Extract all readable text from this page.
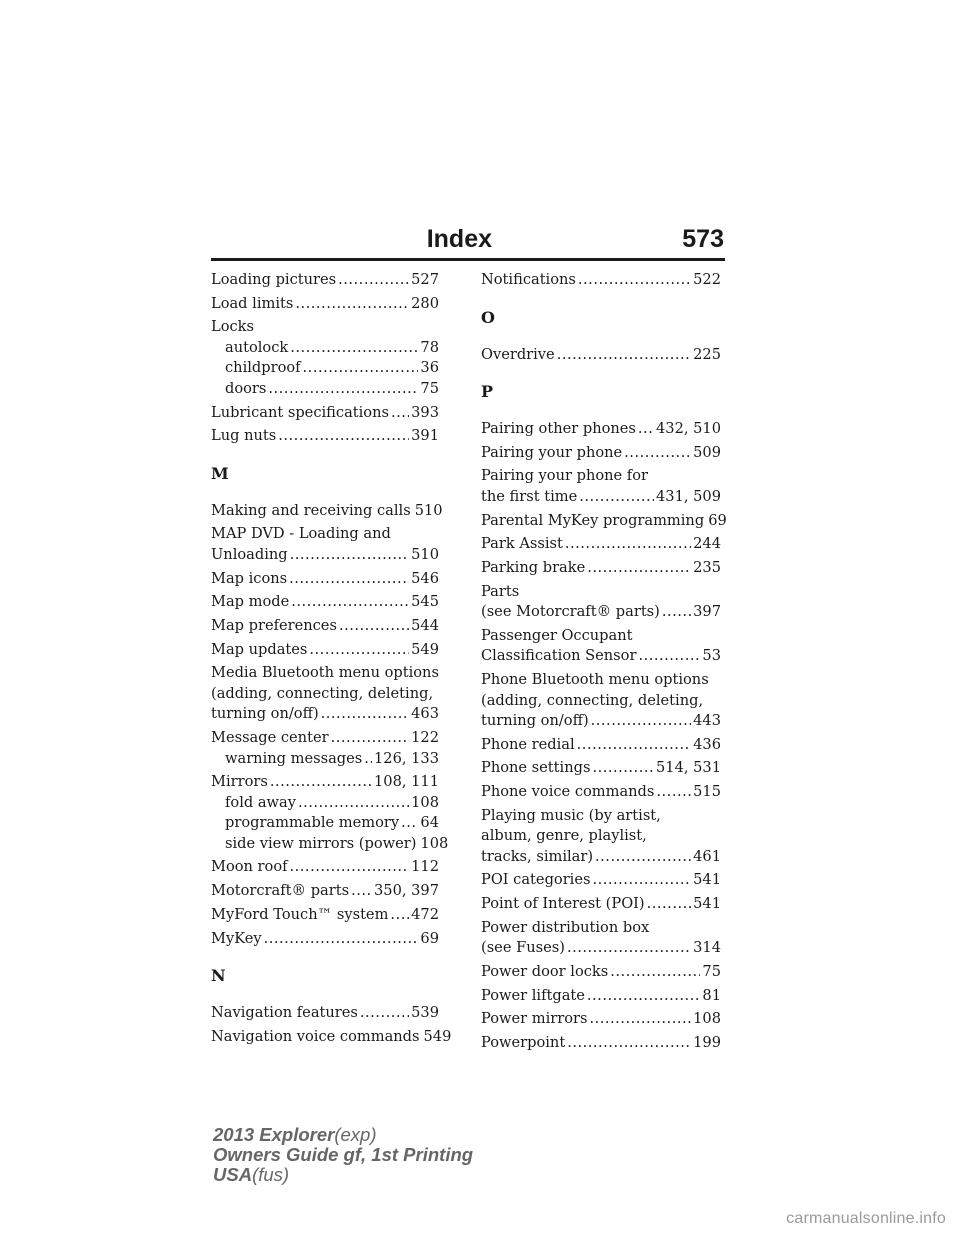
Index	573
Loading pictures .....	527
Load limits .....	280
Locks
autolock .....	78
childproof .....	36
doors .....	75
Lubricant specifications ..... 393
Lug nuts .....	391
M
Making and receiving calls 510
MAP DVD - Loading and
Unloading .....	510
Map icons .....	546
Map mode .....	545
Map preferences .....	544
Map updates .....	549
Media Bluetooth menu options
(adding, connecting, deleting,
turning on/off) .....	463
Message center .....	122
warning messages ..... 126, 133
Mirrors .....	108, 111
fold away .....	108
programmable memory ..... 64
side view mirrors (power) 108
Moon roof .....	112
Motorcraft® parts ..... 350, 397
MyFord Touch™ system ..... 472
MyKey .....	69
N
Navigation features .....	539
Navigation voice commands 549
Notifications .....	522
O
Overdrive .....	225
P
Pairing other phones ..... 432, 510
Pairing your phone .....	509
Pairing your phone for
the first time .....	431, 509
Parental MyKey programming 69
Park Assist .....	244
Parking brake .....	235
Parts
(see Motorcraft® parts) ..... 397
Passenger Occupant
Classification Sensor .....	53
Phone Bluetooth menu options
(adding, connecting, deleting,
turning on/off) .....	443
Phone redial .....	436
Phone settings .....	514, 531
Phone voice commands .....	515
Playing music (by artist,
album, genre, playlist,
tracks, similar) .....	461
POI categories .....	541
Point of Interest (POI) .....	541
Power distribution box
(see Fuses) .....	314
Power door locks .....	75
Power liftgate .....	81
Power mirrors .....	108
Powerpoint .....	199
2013 Explorer(exp)
Owners Guide gf, 1st Printing
USA(fus)
carmanualsonline.info
